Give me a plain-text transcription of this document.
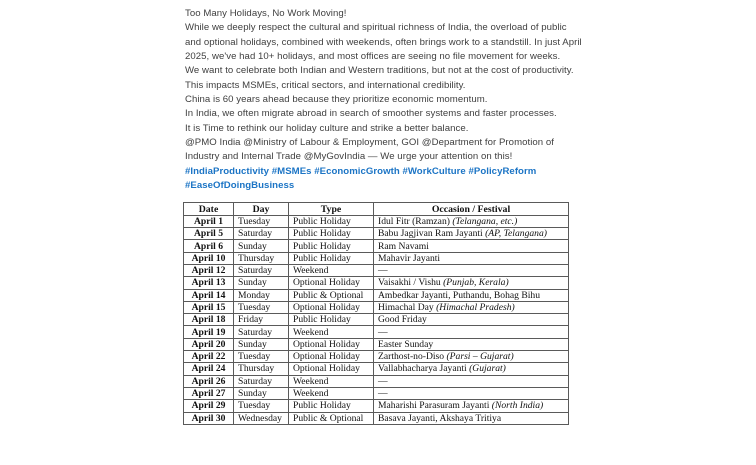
Too Many Holidays, No Work Moving!

While we deeply respect the cultural and spiritual richness of India, the overload of public and optional holidays, combined with weekends, often brings work to a standstill. In just April 2025, we've had 10+ holidays, and most offices are seeing no file movement for weeks.

We want to celebrate both Indian and Western traditions, but not at the cost of productivity. This impacts MSMEs, critical sectors, and international credibility.

China is 60 years ahead because they prioritize economic momentum.

In India, we often migrate abroad in search of smoother systems and faster processes.

It is Time to rethink our holiday culture and strike a better balance.

@PMO India @Ministry of Labour & Employment, GOI @Department for Promotion of Industry and Internal Trade @MyGovIndia — We urge your attention on this!

#IndiaProductivity #MSMEs #EconomicGrowth #WorkCulture #PolicyReform #EaseOfDoingBusiness

Date	Day	Type	Occasion / Festival
April 1	Tuesday	Public Holiday	Idul Fitr (Ramzan) (Telangana, etc.)
April 5	Saturday	Public Holiday	Babu Jagjivan Ram Jayanti (AP, Telangana)
April 6	Sunday	Public Holiday	Ram Navami
April 10	Thursday	Public Holiday	Mahavir Jayanti
April 12	Saturday	Weekend	—
April 13	Sunday	Optional Holiday	Vaisakhi / Vishu (Punjab, Kerala)
April 14	Monday	Public & Optional	Ambedkar Jayanti, Puthandu, Bohag Bihu
April 15	Tuesday	Optional Holiday	Himachal Day (Himachal Pradesh)
April 18	Friday	Public Holiday	Good Friday
April 19	Saturday	Weekend	—
April 20	Sunday	Optional Holiday	Easter Sunday
April 22	Tuesday	Optional Holiday	Zarthost-no-Diso (Parsi – Gujarat)
April 24	Thursday	Optional Holiday	Vallabhacharya Jayanti (Gujarat)
April 26	Saturday	Weekend	—
April 27	Sunday	Weekend	—
April 29	Tuesday	Public Holiday	Maharishi Parasuram Jayanti (North India)
April 30	Wednesday	Public & Optional	Basava Jayanti, Akshaya Tritiya
